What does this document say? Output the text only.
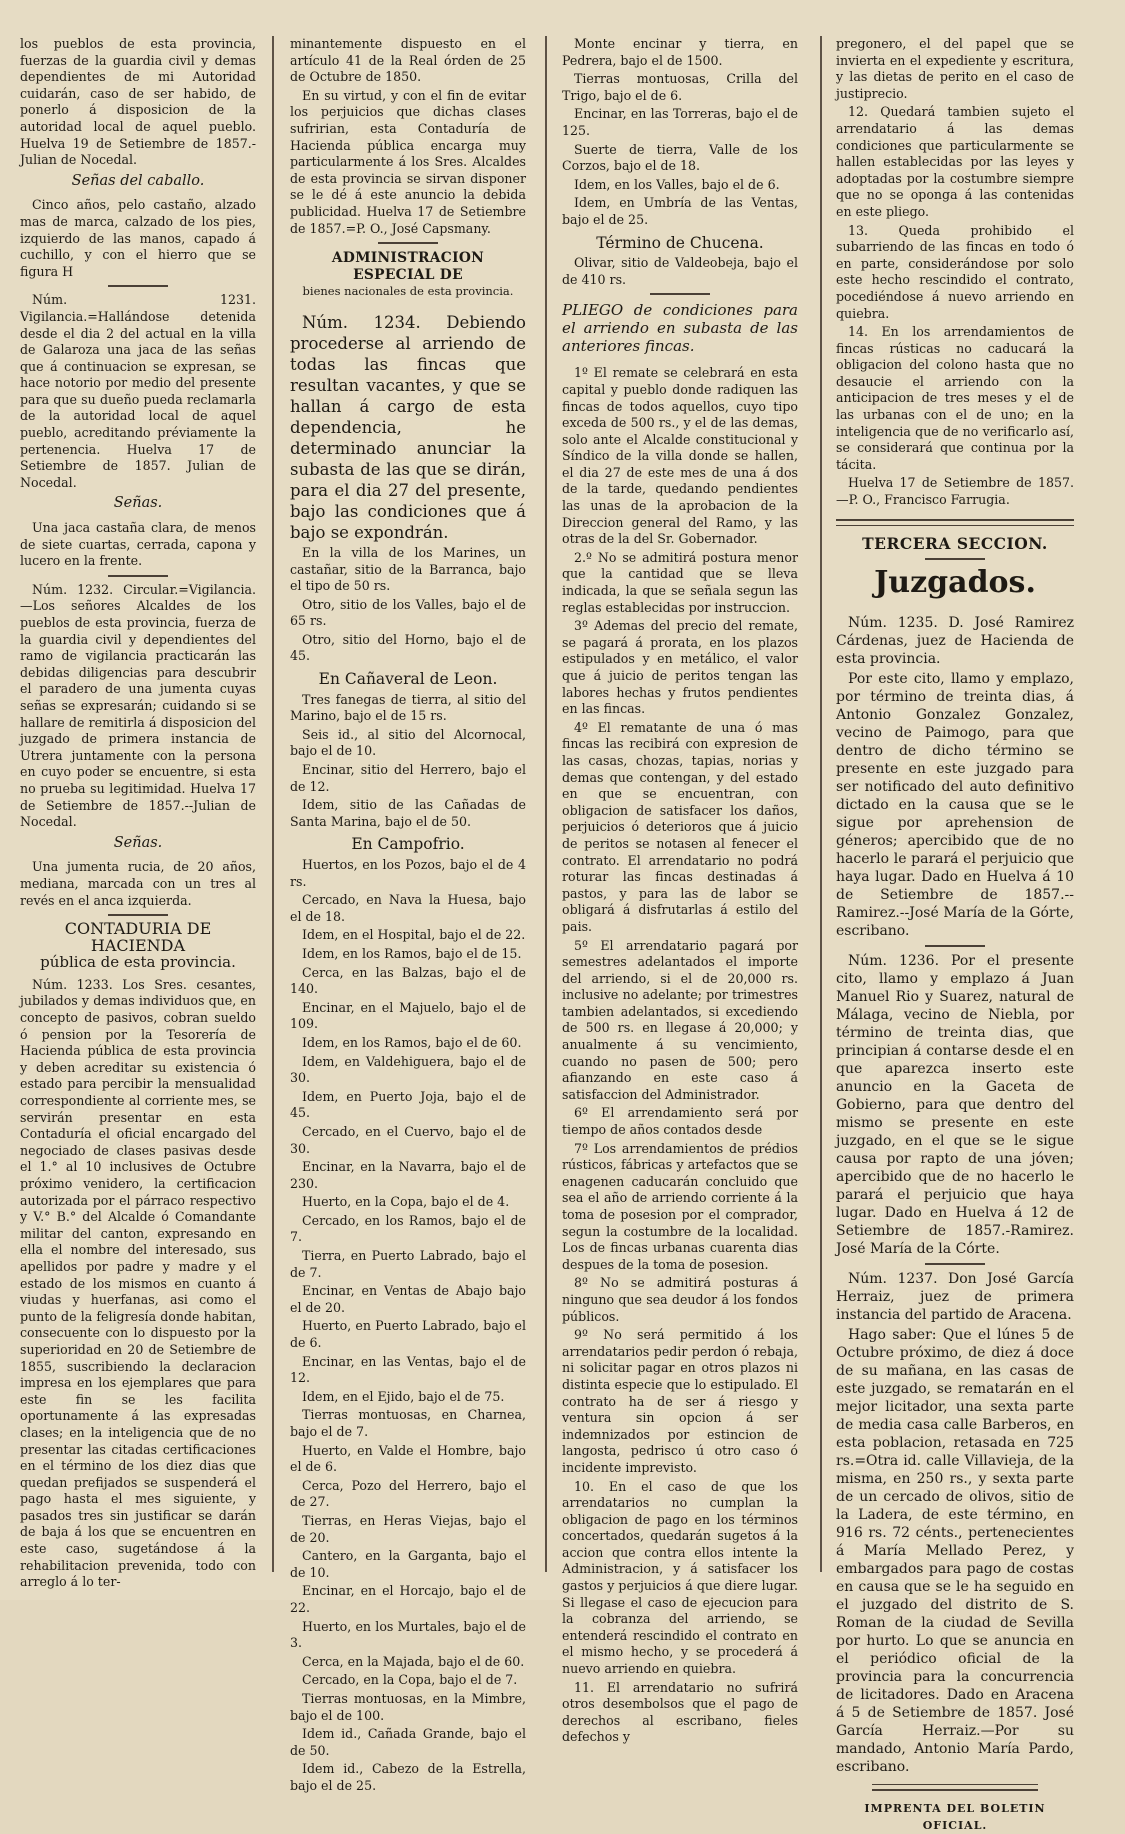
los pueblos de esta provincia, fuerzas de la guardia civil y demas dependientes de mi Autoridad cuidarán, caso de ser habido, de ponerlo á disposicion de la autoridad local de aquel pueblo. Huelva 19 de Setiembre de 1857.-Julian de Nocedal.

Señas del caballo.

Cinco años, pelo castaño, alzado mas de marca, calzado de los pies, izquierdo de las manos, capado á cuchillo, y con el hierro que se figura H

Núm. 1231. Vigilancia.=Hallándose detenida desde el dia 2 del actual en la villa de Galaroza una jaca de las señas que á continuacion se expresan, se hace notorio por medio del presente para que su dueño pueda reclamarla de la autoridad local de aquel pueblo, acreditando préviamente la pertenencia. Huelva 17 de Setiembre de 1857. Julian de Nocedal.

Señas.

Una jaca castaña clara, de menos de siete cuartas, cerrada, capona y lucero en la frente.

Núm. 1232. Circular.=Vigilancia.—Los señores Alcaldes de los pueblos de esta provincia, fuerza de la guardia civil y dependientes del ramo de vigilancia practicarán las debidas diligencias para descubrir el paradero de una jumenta cuyas señas se expresarán; cuidando si se hallare de remitirla á disposicion del juzgado de primera instancia de Utrera juntamente con la persona en cuyo poder se encuentre, si esta no prueba su legitimidad. Huelva 17 de Setiembre de 1857.--Julian de Nocedal.

Señas.

Una jumenta rucia, de 20 años, mediana, marcada con un tres al revés en el anca izquierda.

CONTADURIA DE HACIENDA

pública de esta provincia.

Núm. 1233. Los Sres. cesantes, jubilados y demas individuos que, en concepto de pasivos, cobran sueldo ó pension por la Tesorería de Hacienda pública de esta provincia y deben acreditar su existencia ó estado para percibir la mensualidad correspondiente al corriente mes, se servirán presentar en esta Contaduría el oficial encargado del negociado de clases pasivas desde el 1.° al 10 inclusives de Octubre próximo venidero, la certificacion autorizada por el párraco respectivo y V.° B.° del Alcalde ó Comandante militar del canton, expresando en ella el nombre del interesado, sus apellidos por padre y madre y el estado de los mismos en cuanto á viudas y huerfanas, asi como el punto de la feligresía donde habitan, consecuente con lo dispuesto por la superioridad en 20 de Setiembre de 1855, suscribiendo la declaracion impresa en los ejemplares que para este fin se les facilita oportunamente á las expresadas clases; en la inteligencia que de no presentar las citadas certificaciones en el término de los diez dias que quedan prefijados se suspenderá el pago hasta el mes siguiente, y pasados tres sin justificar se darán de baja á los que se encuentren en este caso, sugetándose á la rehabilitacion prevenida, todo con arreglo á lo ter-

minantemente dispuesto en el artículo 41 de la Real órden de 25 de Octubre de 1850.

En su virtud, y con el fin de evitar los perjuicios que dichas clases sufririan, esta Contaduría de Hacienda pública encarga muy particularmente á los Sres. Alcaldes de esta provincia se sirvan disponer se le dé á este anuncio la debida publicidad. Huelva 17 de Setiembre de 1857.=P. O., José Capsmany.

ADMINISTRACION ESPECIAL DE

bienes nacionales de esta provincia.

Núm. 1234. Debiendo procederse al arriendo de todas las fincas que resultan vacantes, y que se hallan á cargo de esta dependencia, he determinado anunciar la subasta de las que se dirán, para el dia 27 del presente, bajo las condiciones que á bajo se expondrán.

En la villa de los Marines, un castañar, sitio de la Barranca, bajo el tipo de 50 rs.

Otro, sitio de los Valles, bajo el de 65 rs.

Otro, sitio del Horno, bajo el de 45.

En Cañaveral de Leon.

Tres fanegas de tierra, al sitio del Marino, bajo el de 15 rs.

Seis id., al sitio del Alcornocal, bajo el de 10.

Encinar, sitio del Herrero, bajo el de 12.

Idem, sitio de las Cañadas de Santa Marina, bajo el de 50.

En Campofrio.

Huertos, en los Pozos, bajo el de 4 rs.

Cercado, en Nava la Huesa, bajo el de 18.

Idem, en el Hospital, bajo el de 22.

Idem, en los Ramos, bajo el de 15.

Cerca, en las Balzas, bajo el de 140.

Encinar, en el Majuelo, bajo el de 109.

Idem, en los Ramos, bajo el de 60.

Idem, en Valdehiguera, bajo el de 30.

Idem, en Puerto Joja, bajo el de 45.

Cercado, en el Cuervo, bajo el de 30.

Encinar, en la Navarra, bajo el de 230.

Huerto, en la Copa, bajo el de 4.

Cercado, en los Ramos, bajo el de 7.

Tierra, en Puerto Labrado, bajo el de 7.

Encinar, en Ventas de Abajo bajo el de 20.

Huerto, en Puerto Labrado, bajo el de 6.

Encinar, en las Ventas, bajo el de 12.

Idem, en el Ejido, bajo el de 75.

Tierras montuosas, en Charnea, bajo el de 7.

Huerto, en Valde el Hombre, bajo el de 6.

Cerca, Pozo del Herrero, bajo el de 27.

Tierras, en Heras Viejas, bajo el de 20.

Cantero, en la Garganta, bajo el de 10.

Encinar, en el Horcajo, bajo el de 22.

Huerto, en los Murtales, bajo el de 3.

Cerca, en la Majada, bajo el de 60.

Cercado, en la Copa, bajo el de 7.

Tierras montuosas, en la Mimbre, bajo el de 100.

Idem id., Cañada Grande, bajo el de 50.

Idem id., Cabezo de la Estrella, bajo el de 25.

Monte encinar y tierra, en Pedrera, bajo el de 1500.

Tierras montuosas, Crilla del Trigo, bajo el de 6.

Encinar, en las Torreras, bajo el de 125.

Suerte de tierra, Valle de los Corzos, bajo el de 18.

Idem, en los Valles, bajo el de 6.

Idem, en Umbría de las Ventas, bajo el de 25.

Término de Chucena.

Olivar, sitio de Valdeobeja, bajo el de 410 rs.

PLIEGO de condiciones para el arriendo en subasta de las anteriores fincas.

1º El remate se celebrará en esta capital y pueblo donde radiquen las fincas de todos aquellos, cuyo tipo exceda de 500 rs., y el de las demas, solo ante el Alcalde constitucional y Síndico de la villa donde se hallen, el dia 27 de este mes de una á dos de la tarde, quedando pendientes las unas de la aprobacion de la Direccion general del Ramo, y las otras de la del Sr. Gobernador.

2.º No se admitirá postura menor que la cantidad que se lleva indicada, la que se señala segun las reglas establecidas por instruccion.

3º Ademas del precio del remate, se pagará á prorata, en los plazos estipulados y en metálico, el valor que á juicio de peritos tengan las labores hechas y frutos pendientes en las fincas.

4º El rematante de una ó mas fincas las recibirá con expresion de las casas, chozas, tapias, norias y demas que contengan, y del estado en que se encuentran, con obligacion de satisfacer los daños, perjuicios ó deterioros que á juicio de peritos se notasen al fenecer el contrato. El arrendatario no podrá roturar las fincas destinadas á pastos, y para las de labor se obligará á disfrutarlas á estilo del pais.

5º El arrendatario pagará por semestres adelantados el importe del arriendo, si el de 20,000 rs. inclusive no adelante; por trimestres tambien adelantados, si excediendo de 500 rs. en llegase á 20,000; y anualmente á su vencimiento, cuando no pasen de 500; pero afianzando en este caso á satisfaccion del Administrador.

6º El arrendamiento será por tiempo de años contados desde

7º Los arrendamientos de prédios rústicos, fábricas y artefactos que se enagenen caducarán concluido que sea el año de arriendo corriente á la toma de posesion por el comprador, segun la costumbre de la localidad. Los de fincas urbanas cuarenta dias despues de la toma de posesion.

8º No se admitirá posturas á ninguno que sea deudor á los fondos públicos.

9º No será permitido á los arrendatarios pedir perdon ó rebaja, ni solicitar pagar en otros plazos ni distinta especie que lo estipulado. El contrato ha de ser á riesgo y ventura sin opcion á ser indemnizados por estincion de langosta, pedrisco ú otro caso ó incidente imprevisto.

10. En el caso de que los arrendatarios no cumplan la obligacion de pago en los términos concertados, quedarán sugetos á la accion que contra ellos intente la Administracion, y á satisfacer los gastos y perjuicios á que diere lugar. Si llegase el caso de ejecucion para la cobranza del arriendo, se entenderá rescindido el contrato en el mismo hecho, y se procederá á nuevo arriendo en quiebra.

11. El arrendatario no sufrirá otros desembolsos que el pago de derechos al escribano, fieles defechos y

pregonero, el del papel que se invierta en el expediente y escritura, y las dietas de perito en el caso de justiprecio.

12. Quedará tambien sujeto el arrendatario á las demas condiciones que particularmente se hallen establecidas por las leyes y adoptadas por la costumbre siempre que no se oponga á las contenidas en este pliego.

13. Queda prohibido el subarriendo de las fincas en todo ó en parte, considerándose por solo este hecho rescindido el contrato, pocediéndose á nuevo arriendo en quiebra.

14. En los arrendamientos de fincas rústicas no caducará la obligacion del colono hasta que no desaucie el arriendo con la anticipacion de tres meses y el de las urbanas con el de uno; en la inteligencia que de no verificarlo así, se considerará que continua por la tácita.

Huelva 17 de Setiembre de 1857. —P. O., Francisco Farrugia.

TERCERA SECCION.

Juzgados.

Núm. 1235. D. José Ramirez Cárdenas, juez de Hacienda de esta provincia.

Por este cito, llamo y emplazo, por término de treinta dias, á Antonio Gonzalez Gonzalez, vecino de Paimogo, para que dentro de dicho término se presente en este juzgado para ser notificado del auto definitivo dictado en la causa que se le sigue por aprehension de géneros; apercibido que de no hacerlo le parará el perjuicio que haya lugar. Dado en Huelva á 10 de Setiembre de 1857.--Ramirez.--José María de la Górte, escribano.

Núm. 1236. Por el presente cito, llamo y emplazo á Juan Manuel Rio y Suarez, natural de Málaga, vecino de Niebla, por término de treinta dias, que principian á contarse desde el en que aparezca inserto este anuncio en la Gaceta de Gobierno, para que dentro del mismo se presente en este juzgado, en el que se le sigue causa por rapto de una jóven; apercibido que de no hacerlo le parará el perjuicio que haya lugar. Dado en Huelva á 12 de Setiembre de 1857.-Ramirez. José María de la Córte.

Núm. 1237. Don José García Herraiz, juez de primera instancia del partido de Aracena.

Hago saber: Que el lúnes 5 de Octubre próximo, de diez á doce de su mañana, en las casas de este juzgado, se rematarán en el mejor licitador, una sexta parte de media casa calle Barberos, en esta poblacion, retasada en 725 rs.=Otra id. calle Villavieja, de la misma, en 250 rs., y sexta parte de un cercado de olivos, sitio de la Ladera, de este término, en 916 rs. 72 cénts., pertenecientes á María Mellado Perez, y embargados para pago de costas en causa que se le ha seguido en el juzgado del distrito de S. Roman de la ciudad de Sevilla por hurto. Lo que se anuncia en el periódico oficial de la provincia para la concurrencia de licitadores. Dado en Aracena á 5 de Setiembre de 1857. José García Herraiz.—Por su mandado, Antonio María Pardo, escribano.

IMPRENTA DEL BOLETIN OFICIAL.
